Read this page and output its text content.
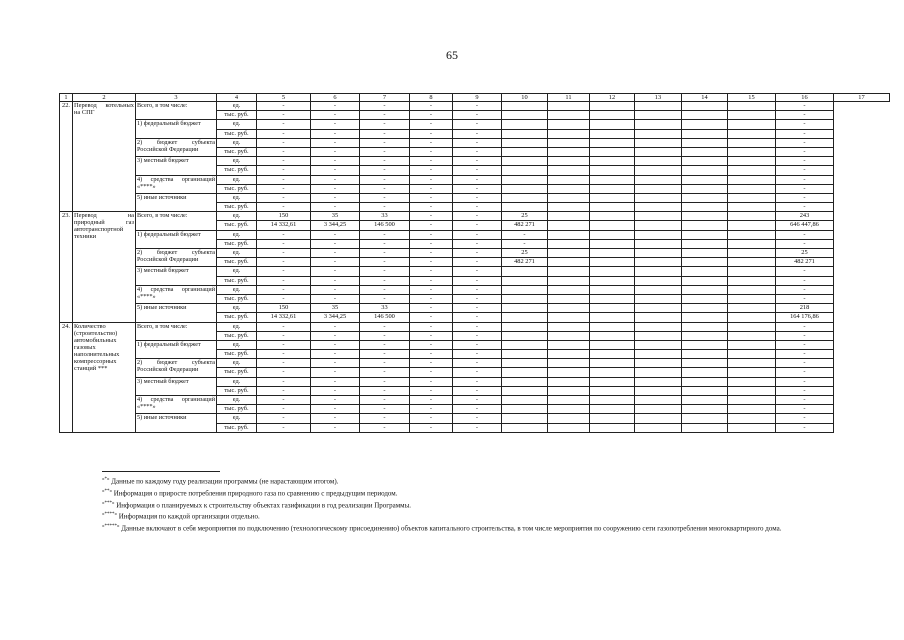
65
1	2	3	4	5	6	7	8	9	10	11	12	13	14	15	16	17
22.	Перевод котельных на СПГ	Всего, в том числе:	ед.	-	-	-	-	-							-	
			тыс. руб.	-	-	-	-	-							-	
		1) федеральный бюджет	ед.	-	-	-	-	-							-	
			тыс. руб.	-	-	-	-	-							-	
		2) бюджет субъекта Российской Федерации	ед.	-	-	-	-	-							-	
			тыс. руб.	-	-	-	-	-							-	
		3) местный бюджет	ед.	-	-	-	-	-							-	
			тыс. руб.	-	-	-	-	-							-	
		4) средства организаций «****»	ед.	-	-	-	-	-							-	
			тыс. руб.	-	-	-	-	-							-	
		5) иные источники	ед.	-	-	-	-	-							-	
			тыс. руб.	-	-	-	-	-							-	
23.	Перевод на природный газ автотранспортной техники	Всего, в том числе:	ед.	150	35	33	-	-	25						243	
			тыс. руб.	14 332,61	3 344,25	146 500	-	-	482 271						646 447,86	
		1) федеральный бюджет	ед.	-	-	-	-	-	-						-	
			тыс. руб.	-	-	-	-	-	-						-	
		2) бюджет субъекта Российской Федерации	ед.	-	-	-	-	-	25						25	
			тыс. руб.	-	-	-	-	-	482 271						482 271	
		3) местный бюджет	ед.	-	-	-	-	-							-	
			тыс. руб.	-	-	-	-	-							-	
		4) средства организаций «****»	ед.	-	-	-	-	-							-	
			тыс. руб.	-	-	-	-	-							-	
		5) иные источники	ед.	150	35	33	-	-							218	
			тыс. руб.	14 332,61	3 344,25	146 500	-	-							164 176,86	
24.	Количество (строительство) автомобильных газовых наполнительных компрессорных станций ***	Всего, в том числе:	ед.	-	-	-	-	-							-	
			тыс. руб.	-	-	-	-	-							-	
		1) федеральный бюджет	ед.	-	-	-	-	-							-	
			тыс. руб.	-	-	-	-	-							-	
		2) бюджет субъекта Российской Федерации	ед.	-	-	-	-	-							-	
			тыс. руб.	-	-	-	-	-							-	
		3) местный бюджет	ед.	-	-	-	-	-							-	
			тыс. руб.	-	-	-	-	-							-	
		4) средства организаций «****»	ед.	-	-	-	-	-							-	
			тыс. руб.	-	-	-	-	-							-	
		5) иные источники	ед.	-	-	-	-	-							-	
			тыс. руб.	-	-	-	-	-							-	
«*» Данные по каждому году реализации программы (не нарастающим итогом).
«**» Информация о приросте потребления природного газа по сравнению с предыдущим периодом.
«***» Информация о планируемых к строительству объектах газификации в год реализации Программы.
«****» Информация по каждой организации отдельно.
«*****» Данные включают в себя мероприятия по подключению (технологическому присоединению) объектов капитального строительства, в том числе мероприятия по сооружению сети газопотребления многоквартирного дома.
